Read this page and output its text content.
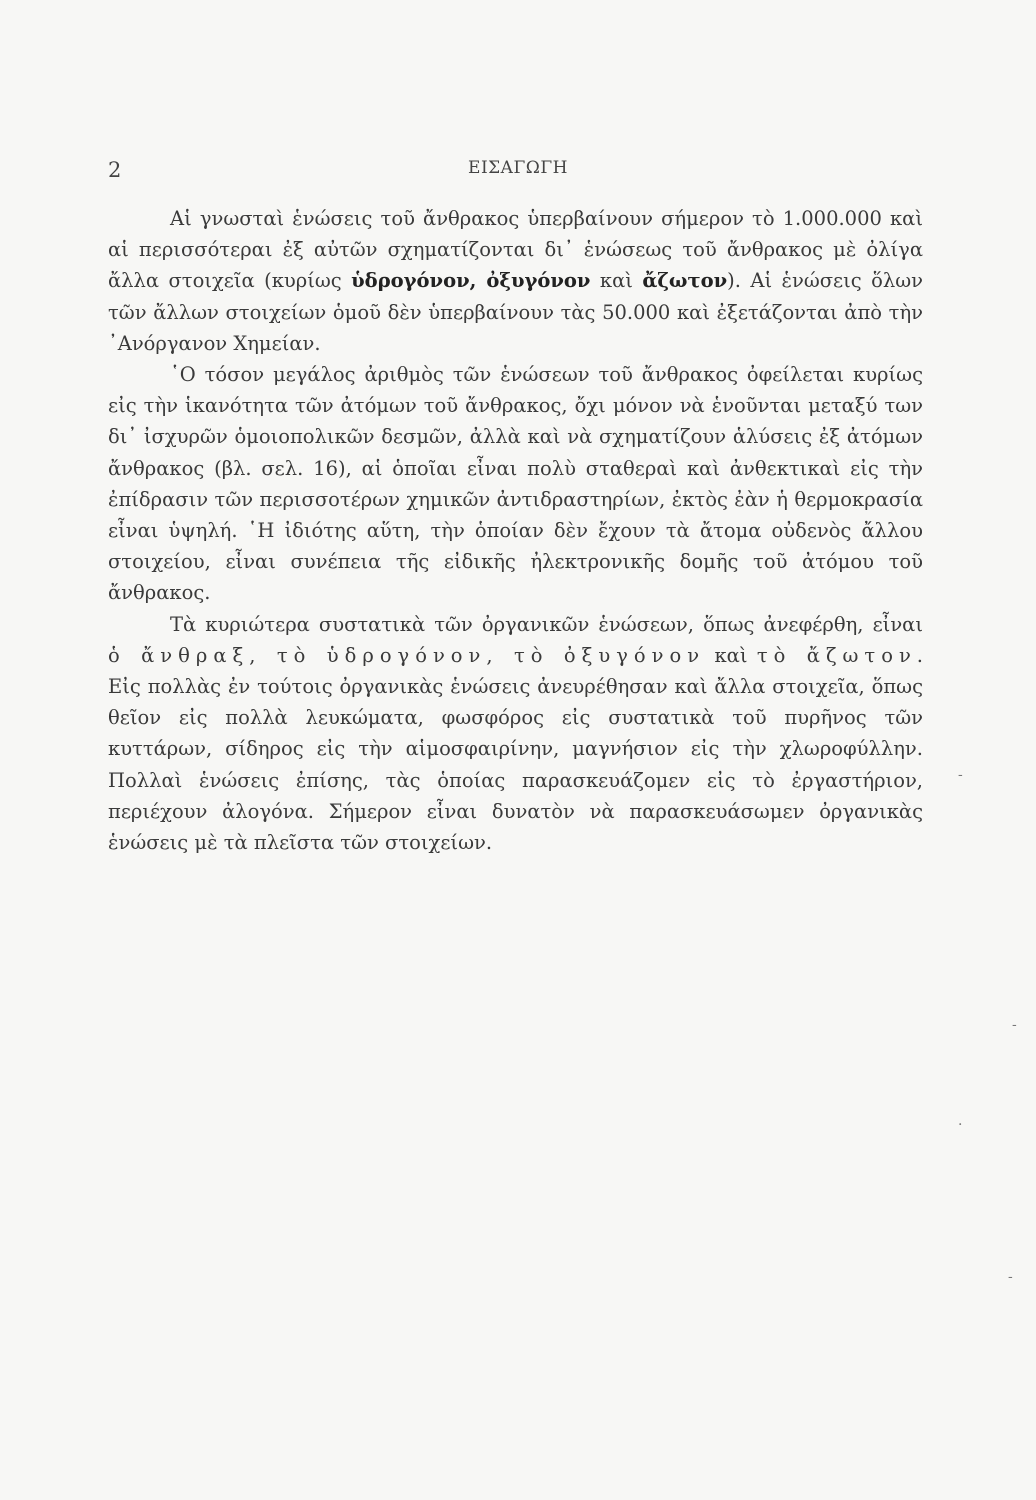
2	ΕΙΣΑΓΩΓΗ

Αἱ γνωσταὶ ἑνώσεις τοῦ ἄνθρακος ὑπερβαίνουν σήμερον τὸ 1.000.000 καὶ αἱ περισσότεραι ἐξ αὐτῶν σχηματίζονται δι᾿ ἑνώσεως τοῦ ἄνθρακος μὲ ὀλίγα ἄλλα στοιχεῖα (κυρίως ὑδρογόνον, ὀξυγόνον καὶ ἄζωτον). Αἱ ἑνώσεις ὅλων τῶν ἄλλων στοιχείων ὁμοῦ δὲν ὑπερβαίνουν τὰς 50.000 καὶ ἐξετάζονται ἀπὸ τὴν ᾿Ανόργανον Χημείαν.

῾Ο τόσον μεγάλος ἀριθμὸς τῶν ἑνώσεων τοῦ ἄνθρακος ὀφείλεται κυρίως εἰς τὴν ἱκανότητα τῶν ἀτόμων τοῦ ἄνθρακος, ὄχι μόνον νὰ ἑνοῦνται μεταξύ των δι᾿ ἰσχυρῶν ὁμοιοπολικῶν δεσμῶν, ἀλλὰ καὶ νὰ σχηματίζουν ἁλύσεις ἐξ ἀτόμων ἄνθρακος (βλ. σελ. 16), αἱ ὁποῖαι εἶναι πολὺ σταθεραὶ καὶ ἀνθεκτικαὶ εἰς τὴν ἐπίδρασιν τῶν περισσοτέρων χημικῶν ἀντιδραστηρίων, ἐκτὸς ἐὰν ἡ θερμοκρασία εἶναι ὑψηλή. ῾Η ἰδιότης αὕτη, τὴν ὁποίαν δὲν ἔχουν τὰ ἄτομα οὐδενὸς ἄλλου στοιχείου, εἶναι συνέπεια τῆς εἰδικῆς ἠλεκτρονικῆς δομῆς τοῦ ἀτόμου τοῦ ἄνθρακος.

Τὰ κυριώτερα συστατικὰ τῶν ὀργανικῶν ἑνώσεων, ὅπως ἀνεφέρθη, εἶναι ὁ ἄνθραξ, τὸ ὑδρογόνον, τὸ ὀξυγόνον καὶ τὸ ἄζωτον. Εἰς πολλὰς ἐν τούτοις ὀργανικὰς ἑνώσεις ἀνευρέθησαν καὶ ἄλλα στοιχεῖα, ὅπως θεῖον εἰς πολλὰ λευκώματα, φωσφόρος εἰς συστατικὰ τοῦ πυρῆνος τῶν κυττάρων, σίδηρος εἰς τὴν αἱμοσφαιρίνην, μαγνήσιον εἰς τὴν χλωροφύλλην. Πολλαὶ ἑνώσεις ἐπίσης, τὰς ὁποίας παρασκευάζομεν εἰς τὸ ἐργαστήριον, περιέχουν ἀλογόνα. Σήμερον εἶναι δυνατὸν νὰ παρασκευάσωμεν ὀργανικὰς ἑνώσεις μὲ τὰ πλεῖστα τῶν στοιχείων.

-
-
·
-
